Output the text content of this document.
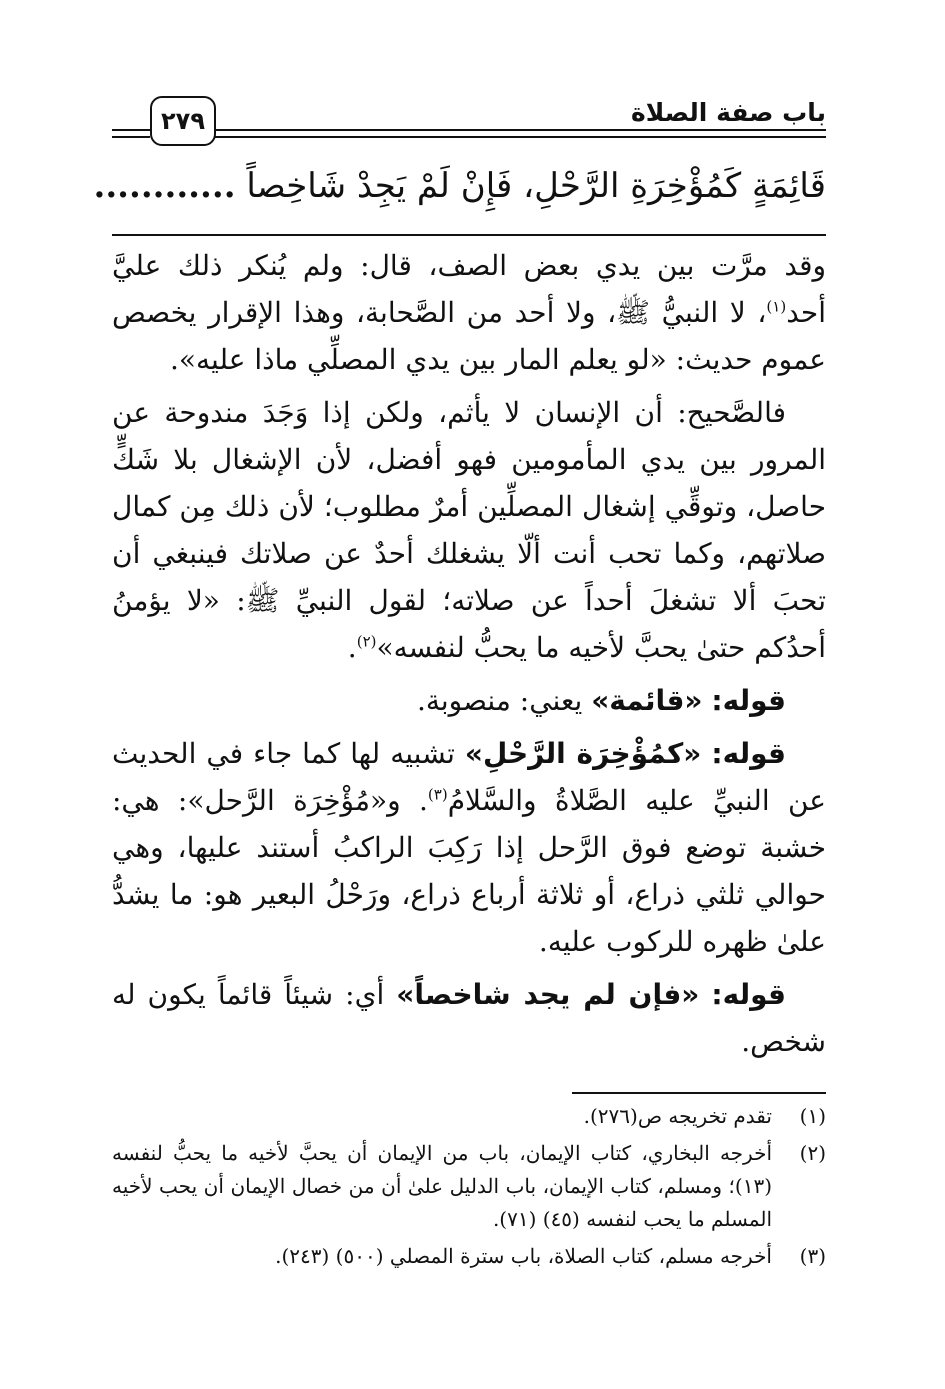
باب صفة الصلاة
٢٧٩
قَائِمَةٍ كَمُؤْخِرَةِ الرَّحْلِ، فَإِنْ لَمْ يَجِدْ شَاخِصاً ............

وقد مرَّت بين يدي بعض الصف، قال: ولم يُنكر ذلك عليَّ أحد$^{(١)}$، لا النبيُّ ﷺ، ولا أحد من الصَّحابة، وهذا الإقرار يخصص عموم حديث: «لو يعلم المار بين يدي المصلِّي ماذا عليه».

فالصَّحيح: أن الإنسان لا يأثم، ولكن إذا وَجَدَ مندوحة عن المرور بين يدي المأمومين فهو أفضل، لأن الإشغال بلا شَكٍّ حاصل، وتوقِّي إشغال المصلِّين أمرٌ مطلوب؛ لأن ذلك مِن كمال صلاتهم، وكما تحب أنت ألّا يشغلك أحدٌ عن صلاتك فينبغي أن تحبَ ألا تشغلَ أحداً عن صلاته؛ لقول النبيِّ ﷺ: «لا يؤمنُ أحدُكم حتىٰ يحبَّ لأخيه ما يحبُّ لنفسه»$^{(٢)}$.

قوله: «قائمة» يعني: منصوبة.

قوله: «كمُؤْخِرَة الرَّحْلِ» تشبيه لها كما جاء في الحديث عن النبيِّ عليه الصَّلاةُ والسَّلامُ$^{(٣)}$. و«مُؤْخِرَة الرَّحل»: هي: خشبة توضع فوق الرَّحل إذا رَكِبَ الراكبُ أستند عليها، وهي حوالي ثلثي ذراع، أو ثلاثة أرباع ذراع، ورَحْلُ البعير هو: ما يشدُّ علىٰ ظهره للركوب عليه.

قوله: «فإن لم يجد شاخصاً» أي: شيئاً قائماً يكون له شخص.

(١)
تقدم تخريجه ص(٢٧٦).
(٢)
أخرجه البخاري، كتاب الإيمان، باب من الإيمان أن يحبَّ لأخيه ما يحبُّ لنفسه (١٣)؛ ومسلم، كتاب الإيمان، باب الدليل علىٰ أن من خصال الإيمان أن يحب لأخيه المسلم ما يحب لنفسه (٤٥) (٧١).
(٣)
أخرجه مسلم، كتاب الصلاة، باب سترة المصلي (٥٠٠) (٢٤٣).
